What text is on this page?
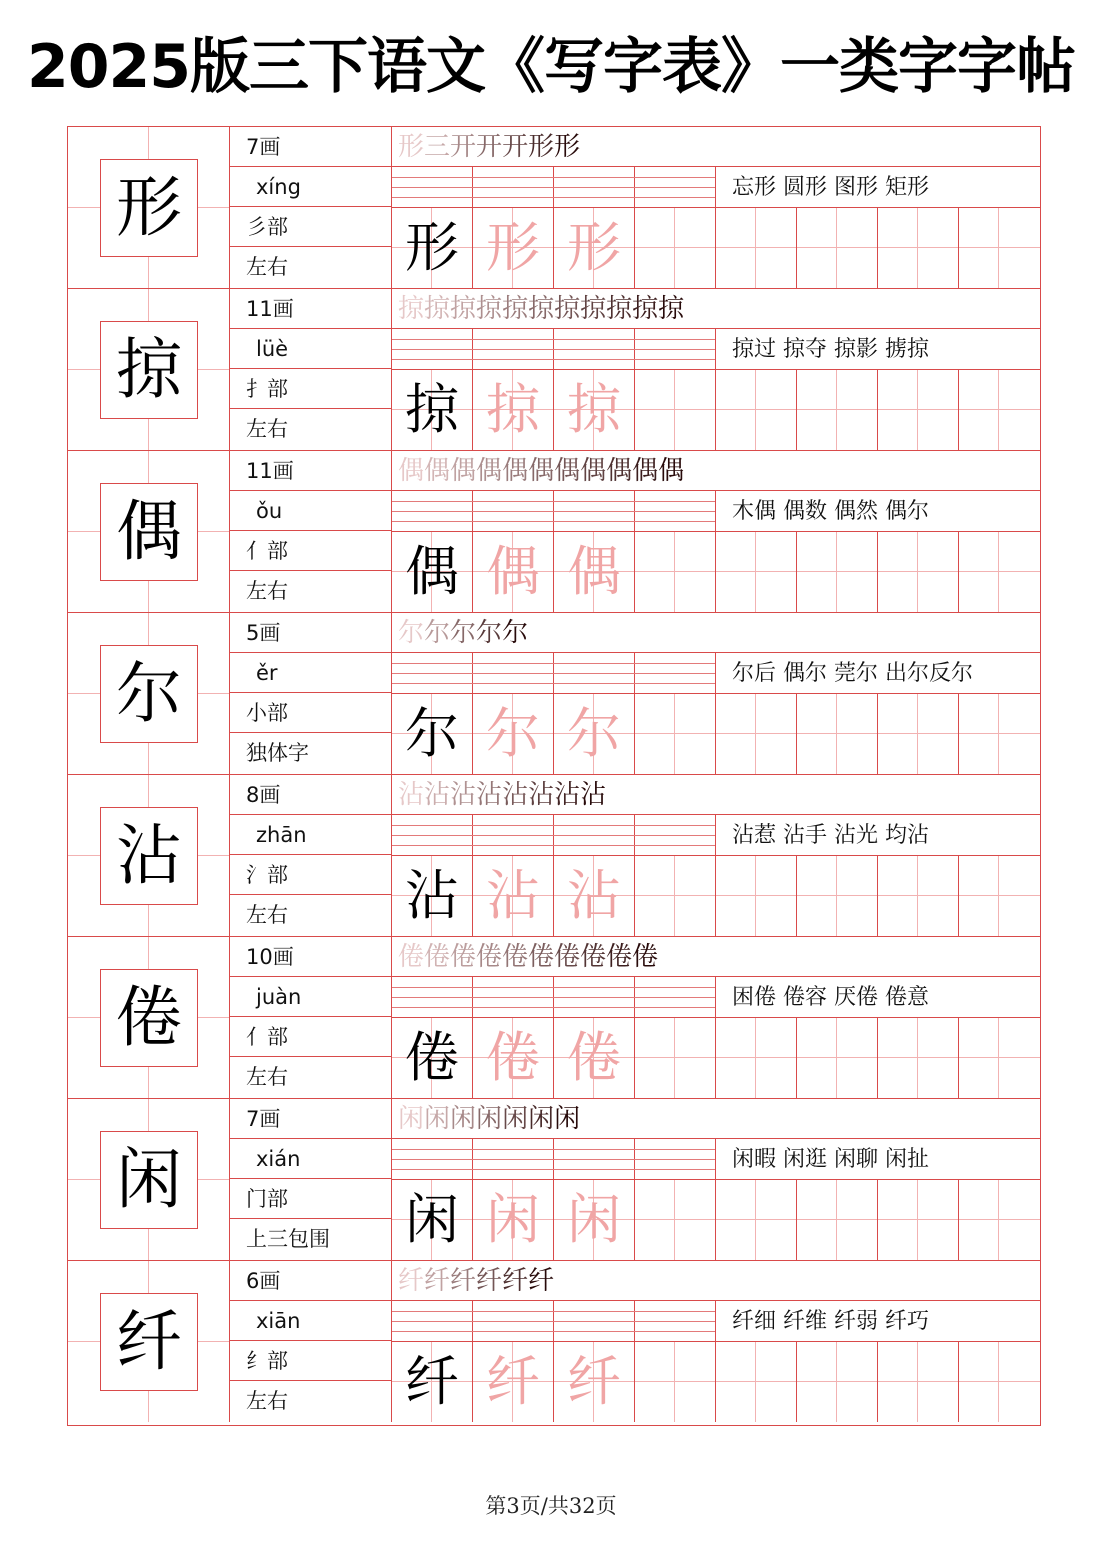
2025版三下语文《写字表》一类字字帖
形
7画
xíng
彡部
左右
形三开开开形形
忘形 圆形 图形 矩形
形 形 形
掠
11画
lüè
扌部
左右
掠掠掠掠掠掠掠掠掠掠掠
掠过 掠夺 掠影 掳掠
掠 掠 掠
偶
11画
ǒu
亻部
左右
偶偶偶偶偶偶偶偶偶偶偶
木偶 偶数 偶然 偶尔
偶 偶 偶
尔
5画
ěr
小部
独体字
尔尔尔尔尔
尔后 偶尔 莞尔 出尔反尔
尔 尔 尔
沾
8画
zhān
氵部
左右
沾沾沾沾沾沾沾沾
沾惹 沾手 沾光 均沾
沾 沾 沾
倦
10画
juàn
亻部
左右
倦倦倦倦倦倦倦倦倦倦
困倦 倦容 厌倦 倦意
倦 倦 倦
闲
7画
xián
门部
上三包围
闲闲闲闲闲闲闲
闲暇 闲逛 闲聊 闲扯
闲 闲 闲
纤
6画
xiān
纟部
左右
纤纤纤纤纤纤
纤细 纤维 纤弱 纤巧
纤 纤 纤
第3页/共32页
